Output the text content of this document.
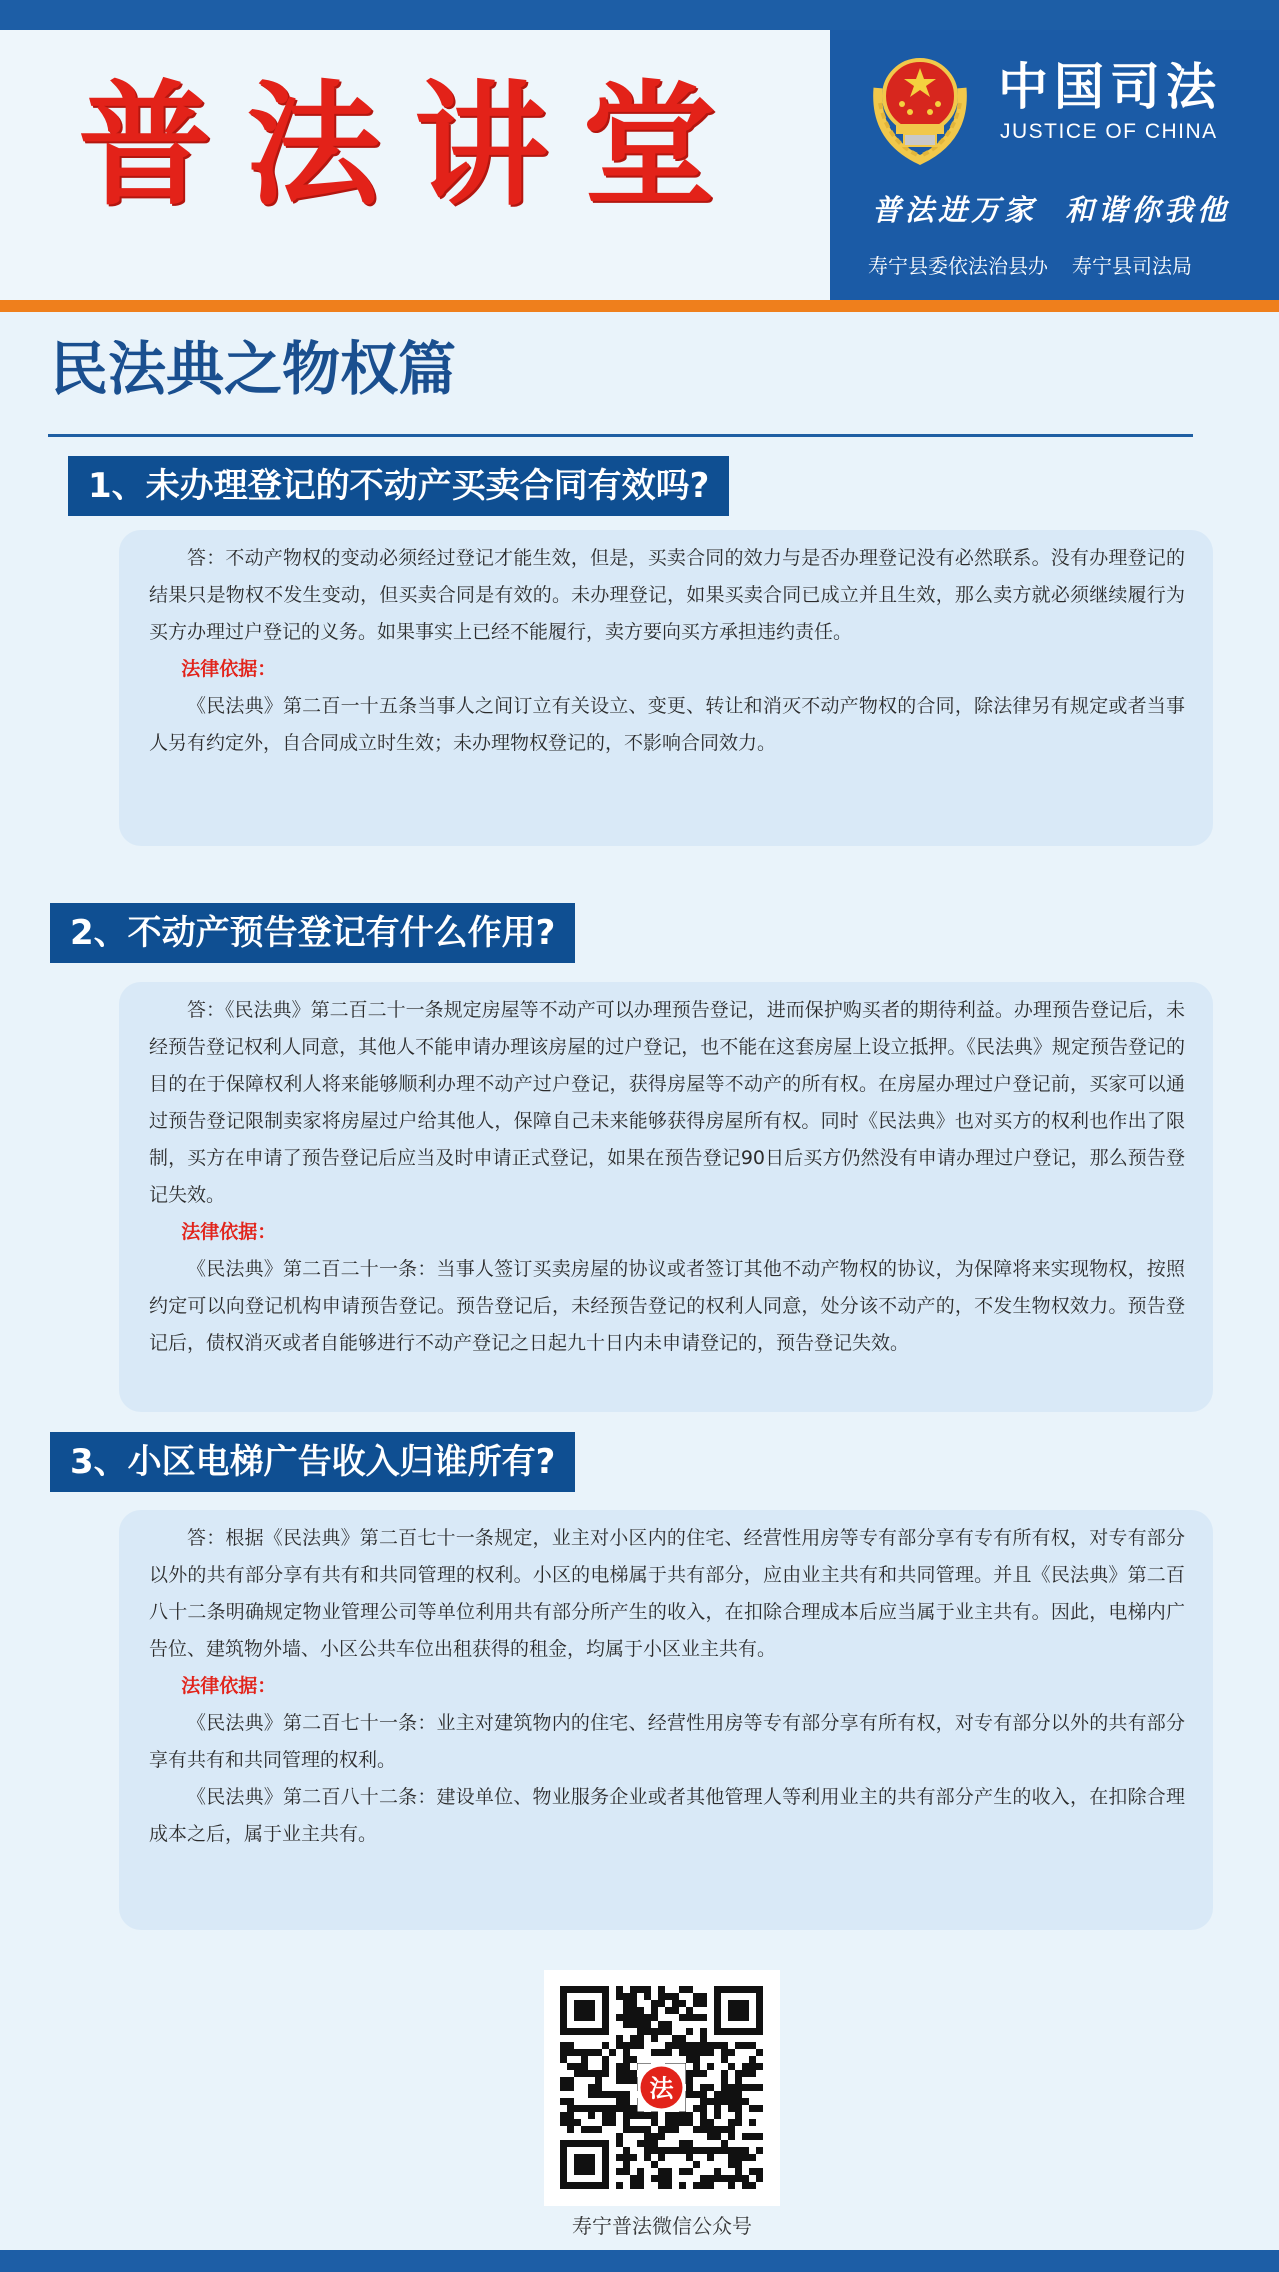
普法讲堂	中国司法
JUSTICE OF CHINA
普法进万家 和谐你我他
寿宁县委依法治县办 寿宁县司法局
民法典之物权篇
1、未办理登记的不动产买卖合同有效吗?

答：不动产物权的变动必须经过登记才能生效，但是，买卖合同的效力与是否办理登记没有必然联系。没有办理登记的结果只是物权不发生变动，但买卖合同是有效的。未办理登记，如果买卖合同已成立并且生效，那么卖方就必须继续履行为买方办理过户登记的义务。如果事实上已经不能履行，卖方要向买方承担违约责任。

法律依据：

《民法典》第二百一十五条当事人之间订立有关设立、变更、转让和消灭不动产物权的合同，除法律另有规定或者当事人另有约定外，自合同成立时生效；未办理物权登记的，不影响合同效力。

2、不动产预告登记有什么作用?

答：《民法典》第二百二十一条规定房屋等不动产可以办理预告登记，进而保护购买者的期待利益。办理预告登记后，未经预告登记权利人同意，其他人不能申请办理该房屋的过户登记，也不能在这套房屋上设立抵押。《民法典》规定预告登记的目的在于保障权利人将来能够顺利办理不动产过户登记，获得房屋等不动产的所有权。在房屋办理过户登记前，买家可以通过预告登记限制卖家将房屋过户给其他人，保障自己未来能够获得房屋所有权。同时《民法典》也对买方的权利也作出了限制，买方在申请了预告登记后应当及时申请正式登记，如果在预告登记90日后买方仍然没有申请办理过户登记，那么预告登记失效。

法律依据：

《民法典》第二百二十一条：当事人签订买卖房屋的协议或者签订其他不动产物权的协议，为保障将来实现物权，按照约定可以向登记机构申请预告登记。预告登记后，未经预告登记的权利人同意，处分该不动产的，不发生物权效力。预告登记后，债权消灭或者自能够进行不动产登记之日起九十日内未申请登记的，预告登记失效。

3、小区电梯广告收入归谁所有?

答：根据《民法典》第二百七十一条规定，业主对小区内的住宅、经营性用房等专有部分享有专有所有权，对专有部分以外的共有部分享有共有和共同管理的权利。小区的电梯属于共有部分，应由业主共有和共同管理。并且《民法典》第二百八十二条明确规定物业管理公司等单位利用共有部分所产生的收入，在扣除合理成本后应当属于业主共有。因此，电梯内广告位、建筑物外墙、小区公共车位出租获得的租金，均属于小区业主共有。

法律依据：

《民法典》第二百七十一条：业主对建筑物内的住宅、经营性用房等专有部分享有所有权，对专有部分以外的共有部分享有共有和共同管理的权利。

《民法典》第二百八十二条：建设单位、物业服务企业或者其他管理人等利用业主的共有部分产生的收入，在扣除合理成本之后，属于业主共有。

法
寿宁普法微信公众号
